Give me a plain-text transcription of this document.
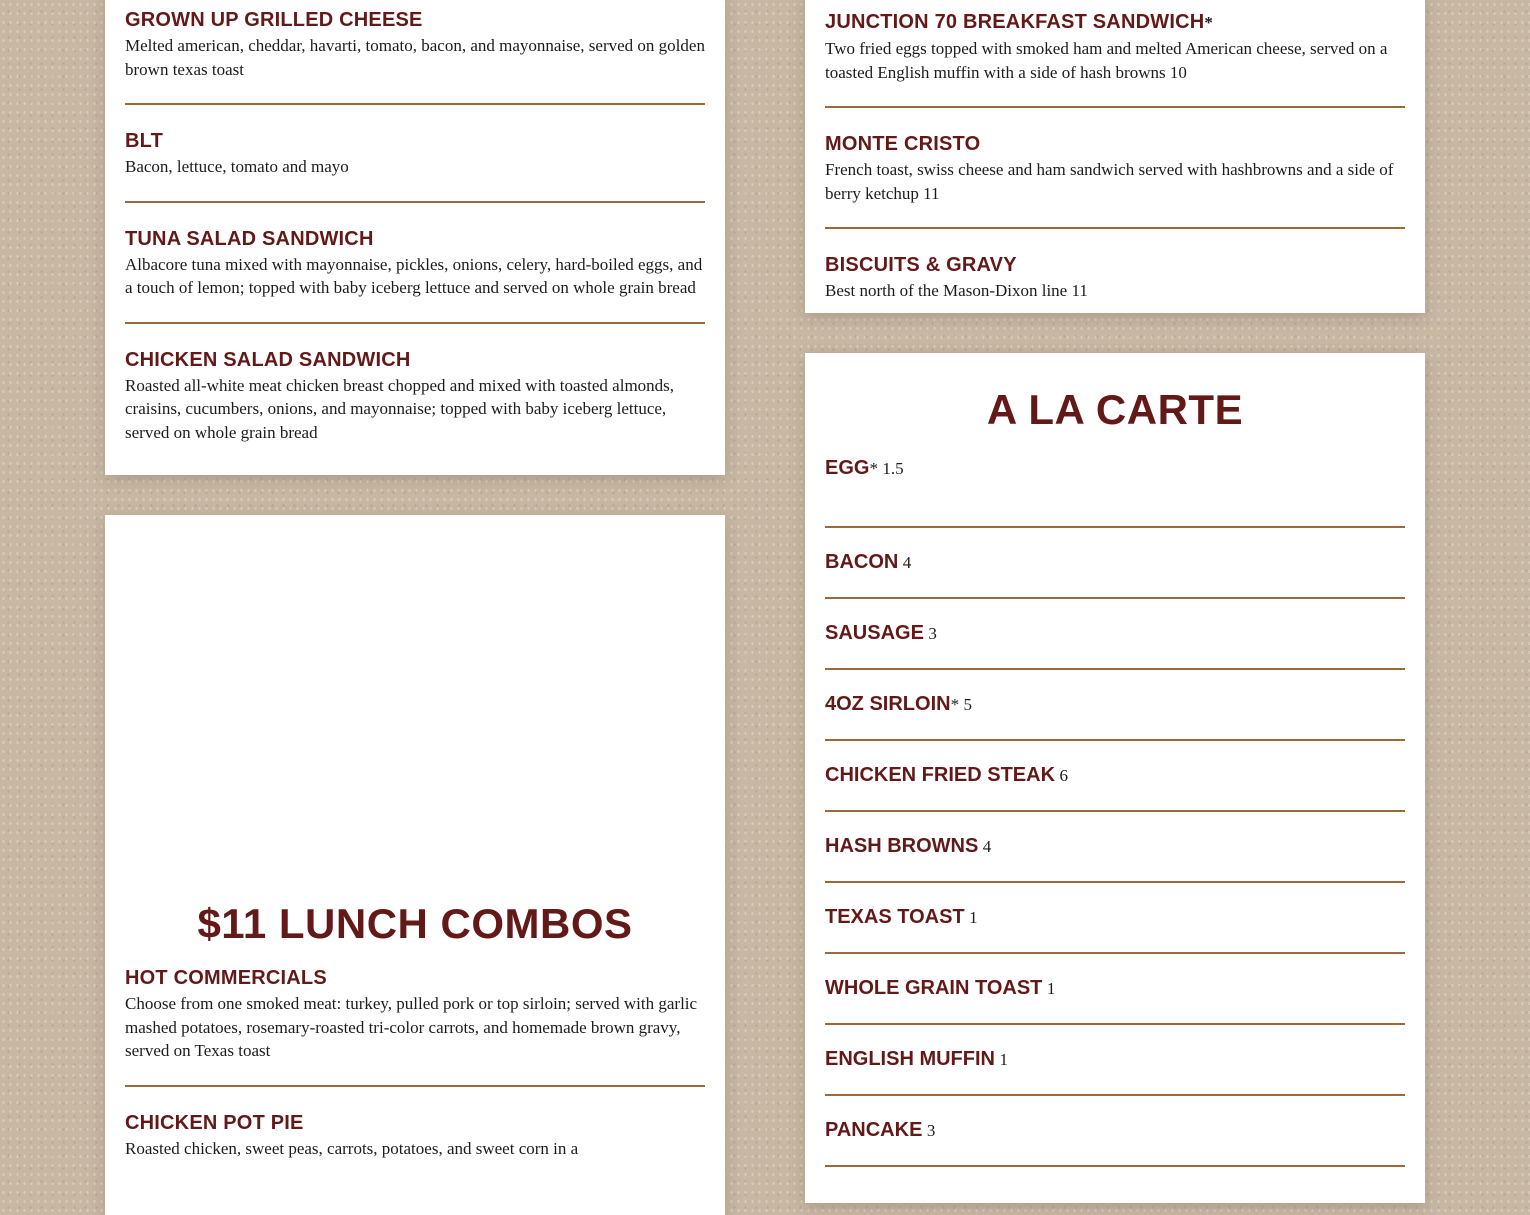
GROWN UP GRILLED CHEESE
Melted american, cheddar, havarti, tomato, bacon, and mayonnaise, served on golden brown texas toast
BLT
Bacon, lettuce, tomato and mayo
TUNA SALAD SANDWICH
Albacore tuna mixed with mayonnaise, pickles, onions, celery, hard-boiled eggs, and a touch of lemon; topped with baby iceberg lettuce and served on whole grain bread
CHICKEN SALAD SANDWICH
Roasted all-white meat chicken breast chopped and mixed with toasted almonds, craisins, cucumbers, onions, and mayonnaise; topped with baby iceberg lettuce, served on whole grain bread
JUNCTION 70 BREAKFAST SANDWICH*
Two fried eggs topped with smoked ham and melted American cheese, served on a toasted English muffin with a side of hash browns 10
MONTE CRISTO
French toast, swiss cheese and ham sandwich served with hashbrowns and a side of berry ketchup 11
BISCUITS & GRAVY
Best north of the Mason-Dixon line 11
$11 LUNCH COMBOS
HOT COMMERCIALS
Choose from one smoked meat: turkey, pulled pork or top sirloin; served with garlic mashed potatoes, rosemary-roasted tri-color carrots, and homemade brown gravy, served on Texas toast
CHICKEN POT PIE
Roasted chicken, sweet peas, carrots, potatoes, and sweet corn in a
A LA CARTE
EGG* 1.5
BACON 4
SAUSAGE 3
4OZ SIRLOIN* 5
CHICKEN FRIED STEAK 6
HASH BROWNS 4
TEXAS TOAST 1
WHOLE GRAIN TOAST 1
ENGLISH MUFFIN 1
PANCAKE 3
